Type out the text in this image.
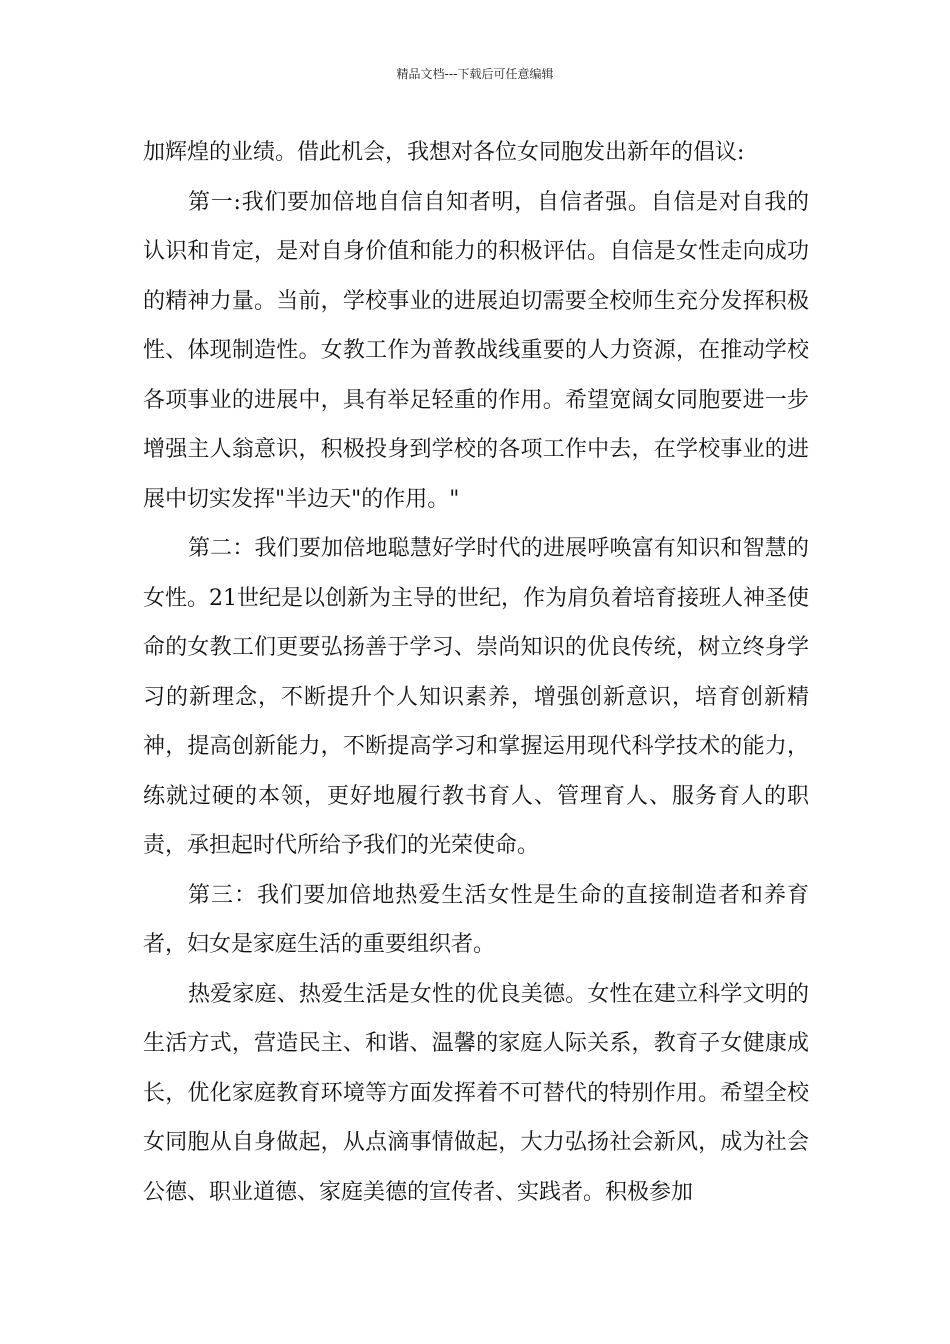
精品文档---下载后可任意编辑

加辉煌的业绩。借此机会，我想对各位女同胞发出新年的倡议:

第一:我们要加倍地自信自知者明，自信者强。自信是对自我的认识和肯定，是对自身价值和能力的积极评估。自信是女性走向成功的精神力量。当前，学校事业的进展迫切需要全校师生充分发挥积极性、体现制造性。女教工作为普教战线重要的人力资源，在推动学校各项事业的进展中，具有举足轻重的作用。希望宽阔女同胞要进一步增强主人翁意识，积极投身到学校的各项工作中去，在学校事业的进展中切实发挥"半边天"的作用。"

第二：我们要加倍地聪慧好学时代的进展呼唤富有知识和智慧的女性。21世纪是以创新为主导的世纪，作为肩负着培育接班人神圣使命的女教工们更要弘扬善于学习、崇尚知识的优良传统，树立终身学习的新理念，不断提升个人知识素养，增强创新意识，培育创新精神，提高创新能力，不断提高学习和掌握运用现代科学技术的能力，练就过硬的本领，更好地履行教书育人、管理育人、服务育人的职责，承担起时代所给予我们的光荣使命。

第三：我们要加倍地热爱生活女性是生命的直接制造者和养育者，妇女是家庭生活的重要组织者。

热爱家庭、热爱生活是女性的优良美德。女性在建立科学文明的生活方式，营造民主、和谐、温馨的家庭人际关系，教育子女健康成长，优化家庭教育环境等方面发挥着不可替代的特别作用。希望全校女同胞从自身做起，从点滴事情做起，大力弘扬社会新风，成为社会公德、职业道德、家庭美德的宣传者、实践者。积极参加
